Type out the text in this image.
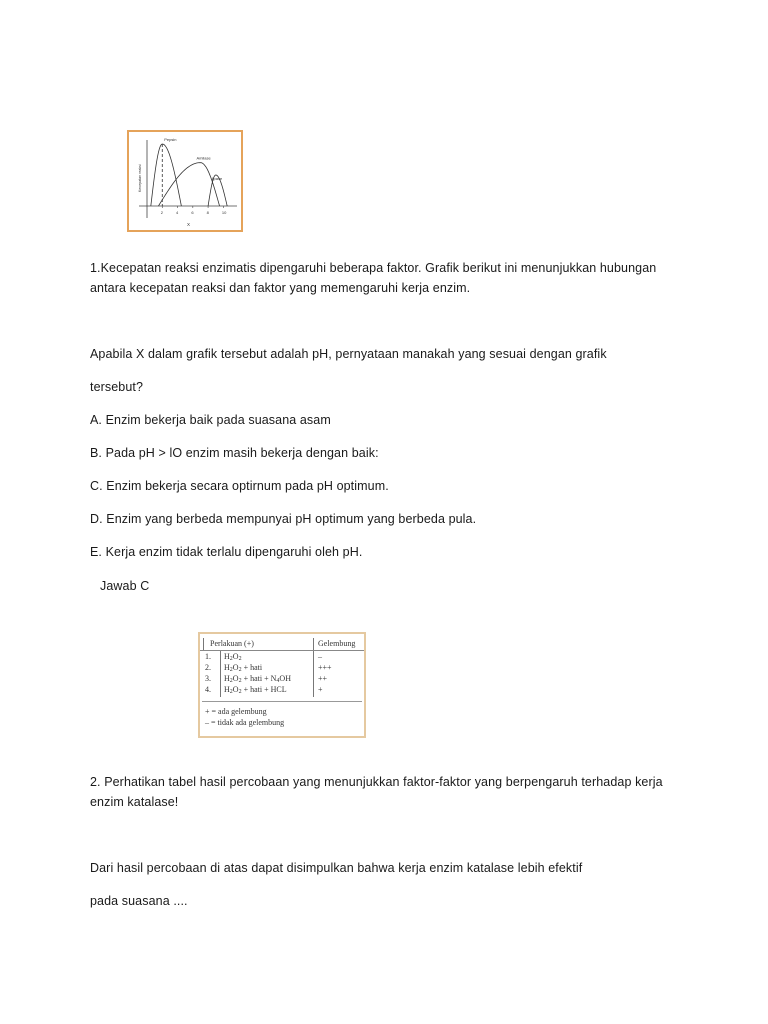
Kecepatan reaksi
X
2	4	6	8	10
Pepsin
Amilase
lipase

1.Kecepatan reaksi enzimatis dipengaruhi beberapa faktor. Grafik berikut ini menunjukkan hubungan antara kecepatan reaksi dan faktor yang memengaruhi kerja enzim.

Apabila X dalam grafik tersebut adalah pH, pernyataan manakah yang sesuai dengan grafik

tersebut?

A. Enzim bekerja baik pada suasana asam

B. Pada pH > lO enzim masih bekerja dengan baik:

C. Enzim bekerja secara optirnum pada pH optimum.

D. Enzim yang berbeda mempunyai pH optimum yang berbeda pula.

E. Kerja enzim tidak terlalu dipengaruhi oleh pH.

Jawab C

Perlakuan (+)	Gelembung
1. $H_2O_2$	–
2. $H_2O_2$ + hati	+++
3. $H_2O_2$ + hati + $N_4OH$	++
4. $H_2O_2$ + hati + HCL	+
+ = ada gelembung
– = tidak ada gelembung

2. Perhatikan tabel hasil percobaan yang menunjukkan faktor-faktor yang berpengaruh terhadap kerja enzim katalase!

Dari hasil percobaan di atas dapat disimpulkan bahwa kerja enzim katalase lebih efektif

pada suasana ....
